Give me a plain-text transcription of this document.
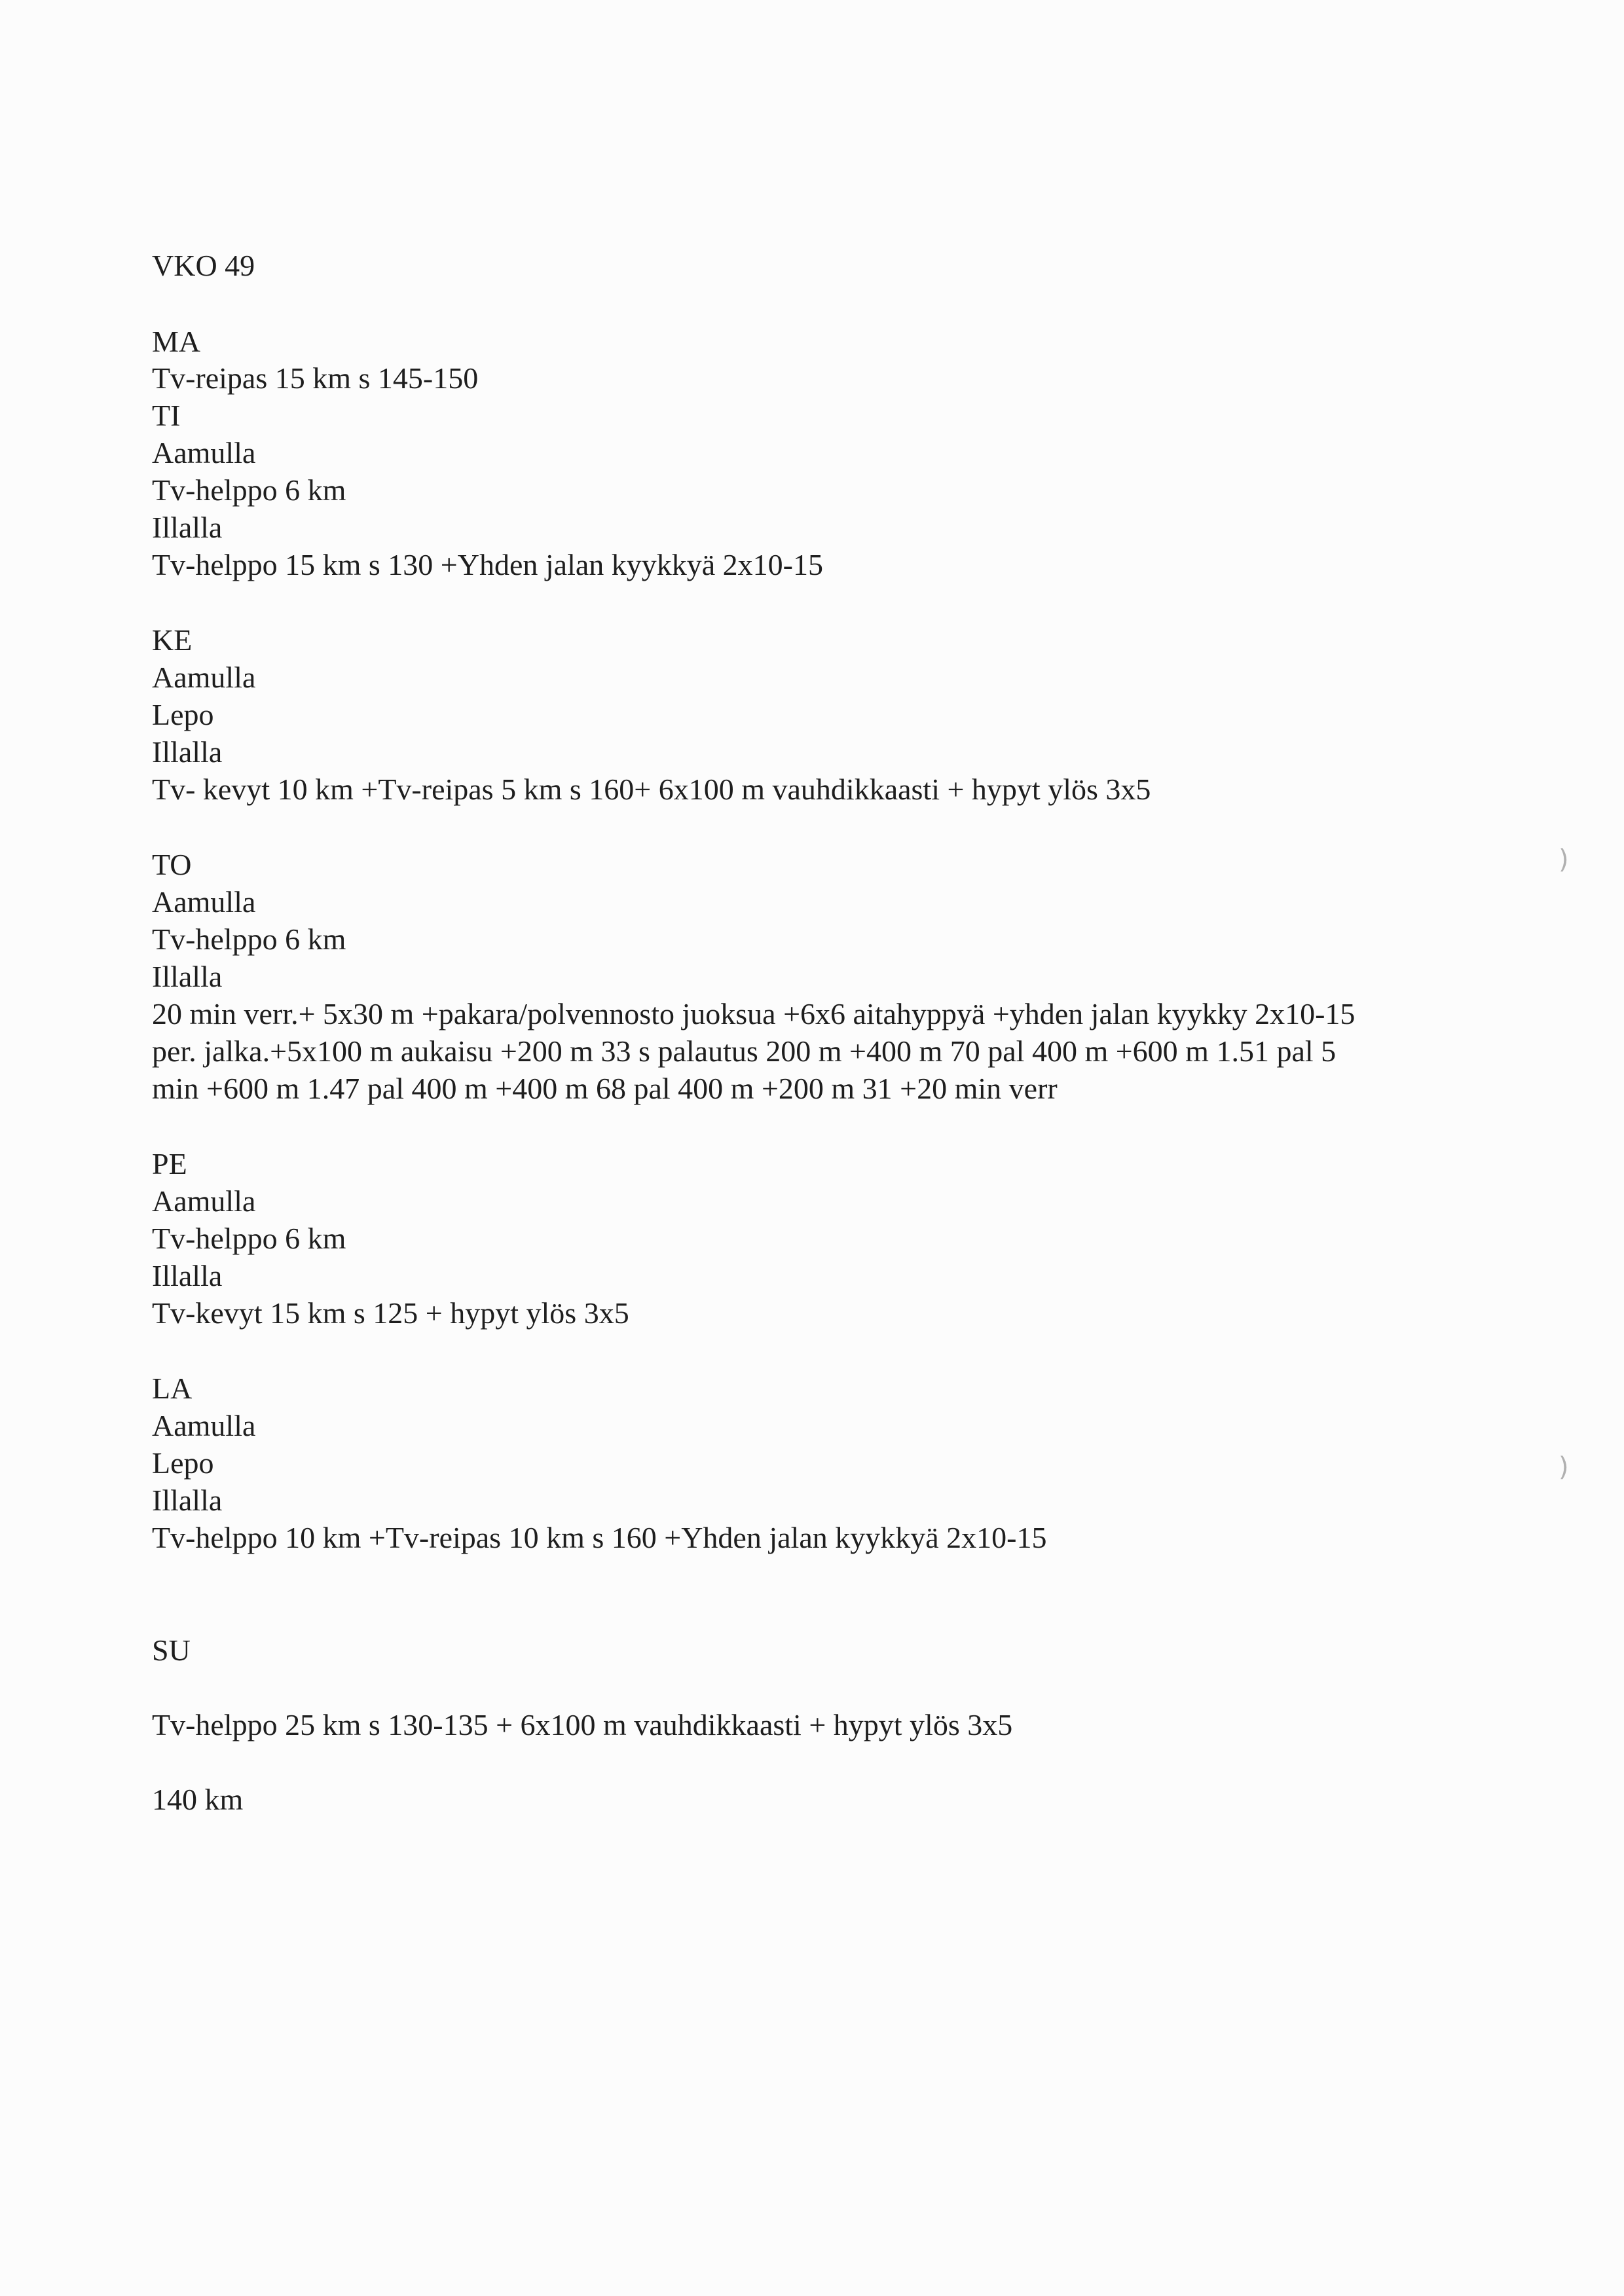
VKO 49
MA
Tv-reipas 15 km s 145-150
TI
Aamulla
Tv-helppo 6 km
Illalla
Tv-helppo 15 km s 130 +Yhden jalan kyykkyä 2x10-15
KE
Aamulla
Lepo
Illalla
Tv- kevyt 10 km +Tv-reipas 5 km s 160+ 6x100 m vauhdikkaasti + hypyt ylös 3x5
TO
Aamulla
Tv-helppo 6 km
Illalla
20 min verr.+ 5x30 m +pakara/polvennosto juoksua +6x6 aitahyppyä +yhden jalan kyykky 2x10-15
per. jalka.+5x100 m aukaisu +200 m 33 s palautus 200 m +400 m 70 pal 400 m +600 m 1.51 pal 5
min +600 m 1.47 pal 400 m +400 m 68 pal 400 m +200 m 31 +20 min verr
PE
Aamulla
Tv-helppo 6 km
Illalla
Tv-kevyt 15 km s 125 + hypyt ylös 3x5
LA
Aamulla
Lepo
Illalla
Tv-helppo 10 km +Tv-reipas 10 km s 160 +Yhden jalan kyykkyä 2x10-15
SU
Tv-helppo 25 km s 130-135 + 6x100 m vauhdikkaasti + hypyt ylös 3x5
140 km
)
)
